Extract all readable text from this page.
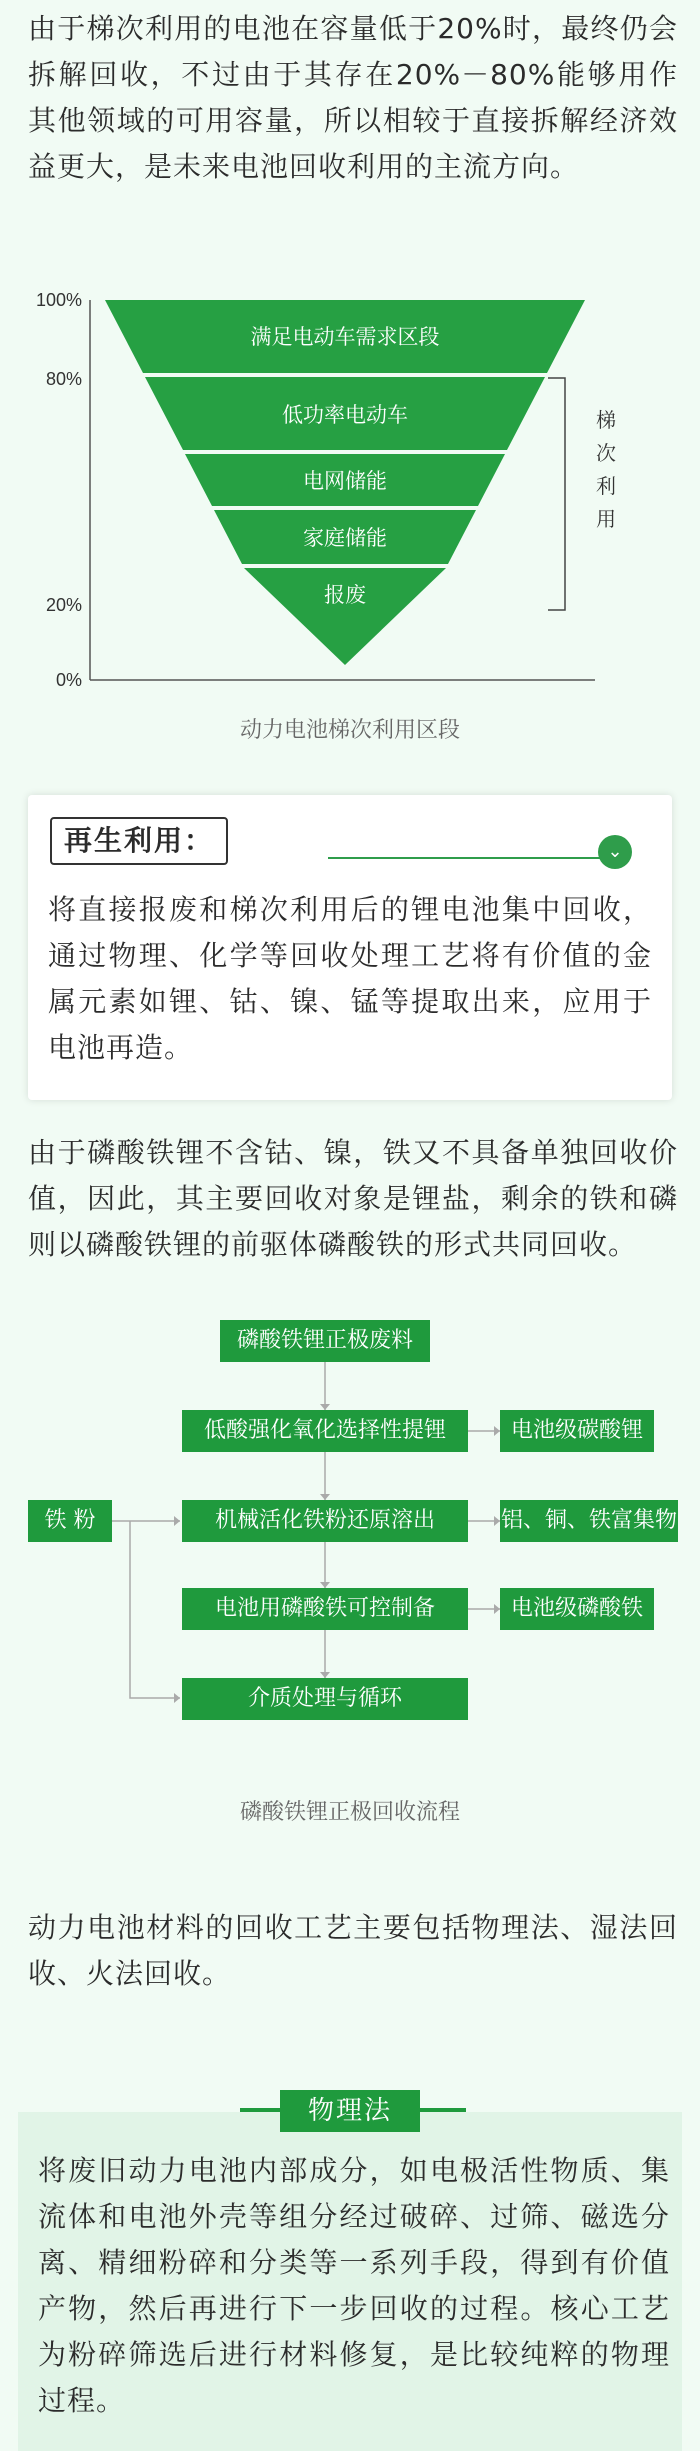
由于梯次利用的电池在容量低于20%时，最终仍会拆解回收，不过由于其存在20%－80%能够用作其他领域的可用容量，所以相较于直接拆解经济效益更大，是未来电池回收利用的主流方向。

100%
80%
20%
0%
满足电动车需求区段
低功率电动车
电网储能
家庭储能
报废
梯
次
利
用
动力电池梯次利用区段
再生利用：	⌄

将直接报废和梯次利用后的锂电池集中回收，通过物理、化学等回收处理工艺将有价值的金属元素如锂、钴、镍、锰等提取出来，应用于电池再造。

由于磷酸铁锂不含钴、镍，铁又不具备单独回收价值，因此，其主要回收对象是锂盐，剩余的铁和磷则以磷酸铁锂的前驱体磷酸铁的形式共同回收。

磷酸铁锂正极废料
低酸强化氧化选择性提锂
机械活化铁粉还原溶出
电池用磷酸铁可控制备
介质处理与循环
电池级碳酸锂
铝、铜、铁富集物
电池级磷酸铁
铁 粉
磷酸铁锂正极回收流程

动力电池材料的回收工艺主要包括物理法、湿法回收、火法回收。

物理法

将废旧动力电池内部成分，如电极活性物质、集流体和电池外壳等组分经过破碎、过筛、磁选分离、精细粉碎和分类等一系列手段，得到有价值产物，然后再进行下一步回收的过程。核心工艺为粉碎筛选后进行材料修复，是比较纯粹的物理过程。
